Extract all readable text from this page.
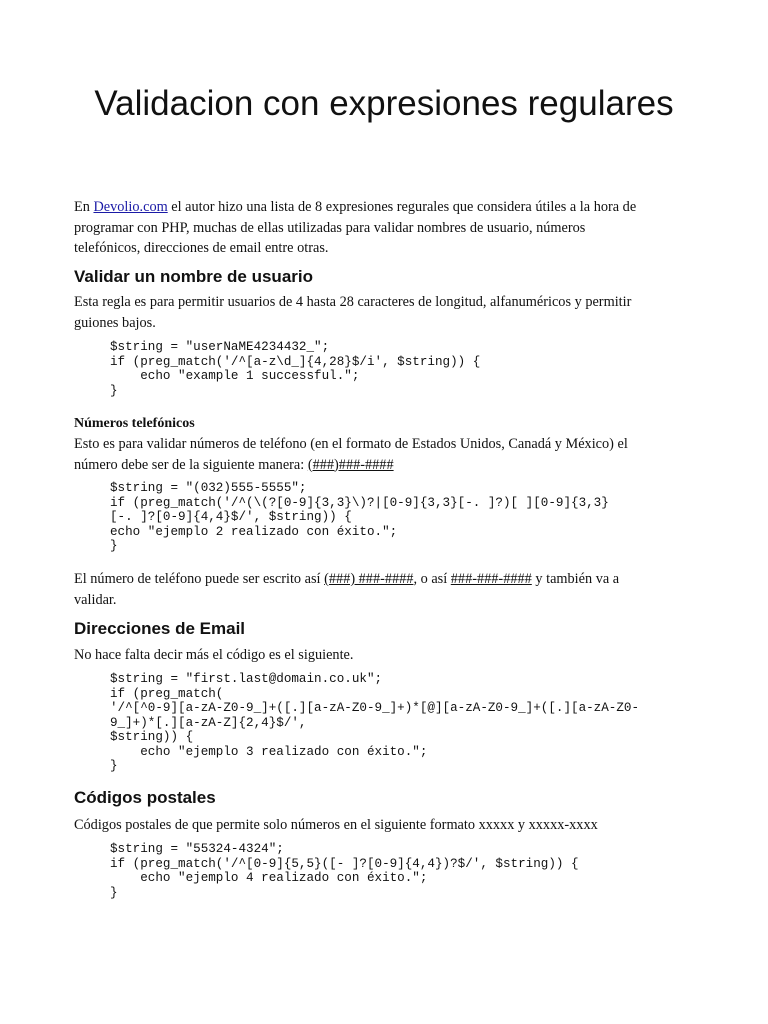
Validacion con expresiones regulares

En Devolio.com el autor hizo una lista de 8 expresiones regurales que considera útiles a la hora de
programar con PHP, muchas de ellas utilizadas para validar nombres de usuario, números
telefónicos, direcciones de email entre otras.

Validar un nombre de usuario

Esta regla es para permitir usuarios de 4 hasta 28 caracteres de longitud, alfanuméricos y permitir
guiones bajos.

$string = "userNaME4234432_";
if (preg_match('/^[a-z\d_]{4,28}$/i', $string)) {
echo "example 1 successful.";
}
Números telefónicos

Esto es para validar números de teléfono (en el formato de Estados Unidos, Canadá y México) el
número debe ser de la siguiente manera: (###)###-####

$string = "(032)555-5555";
if (preg_match('/^(\(?[0-9]{3,3}\)?|[0-9]{3,3}[-. ]?)[ ][0-9]{3,3}
[-. ]?[0-9]{4,4}$/', $string)) {
echo "ejemplo 2 realizado con éxito.";
}

El número de teléfono puede ser escrito así (###) ###-####, o así ###-###-#### y también va a
validar.

Direcciones de Email

No hace falta decir más el código es el siguiente.

$string = "first.last@domain.co.uk";
if (preg_match(
'/^[^0-9][a-zA-Z0-9_]+([.][a-zA-Z0-9_]+)*[@][a-zA-Z0-9_]+([.][a-zA-Z0-
9_]+)*[.][a-zA-Z]{2,4}$/',
$string)) {
echo "ejemplo 3 realizado con éxito.";
}
Códigos postales

Códigos postales de que permite solo números en el siguiente formato xxxxx y xxxxx-xxxx

$string = "55324-4324";
if (preg_match('/^[0-9]{5,5}([- ]?[0-9]{4,4})?$/', $string)) {
echo "ejemplo 4 realizado con éxito.";
}
